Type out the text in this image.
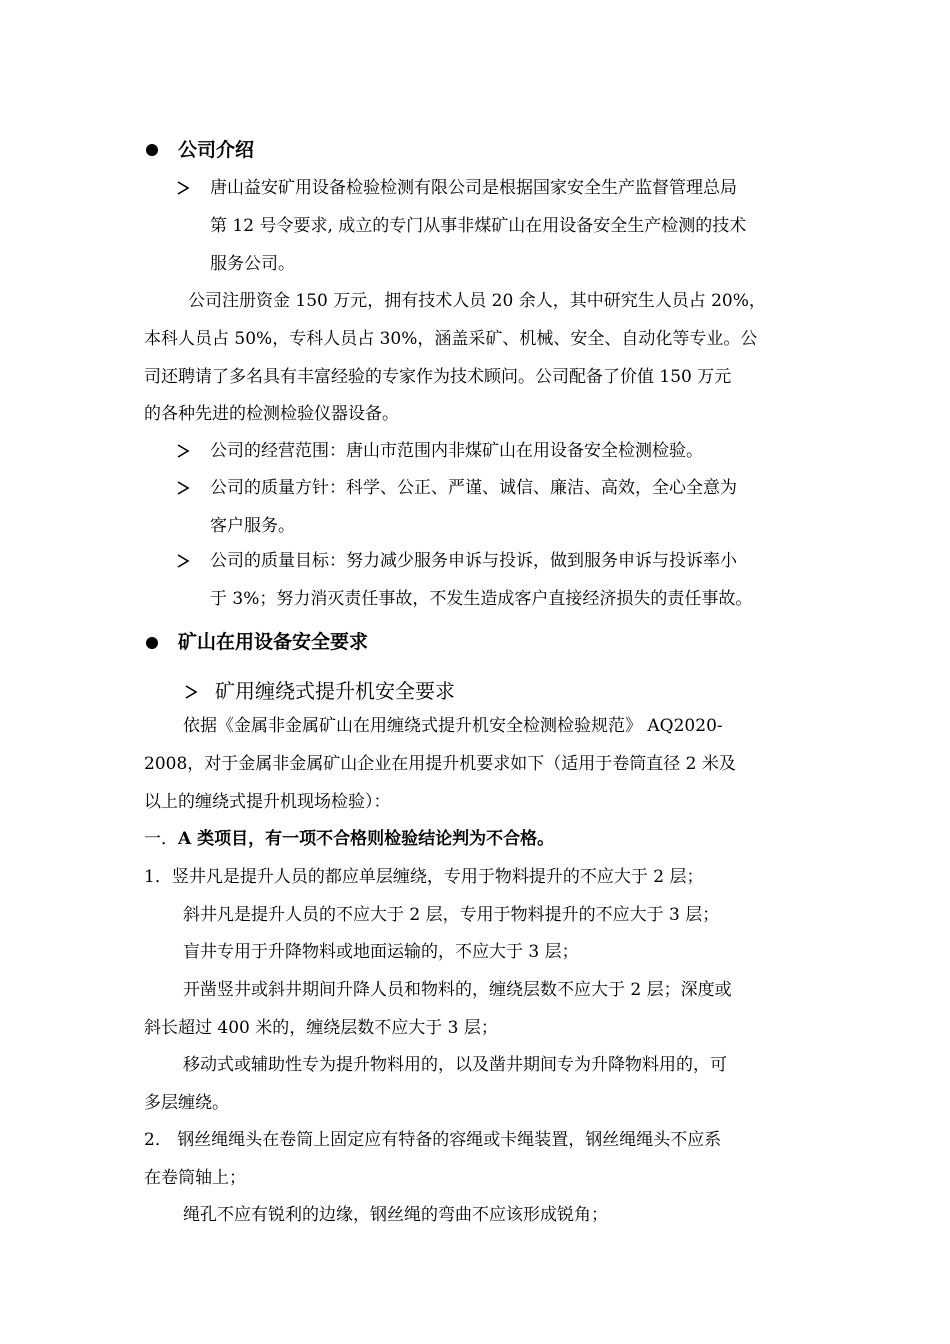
公司介绍
唐山益安矿用设备检验检测有限公司是根据国家安全生产监督管理总局
第 12 号令要求, 成立的专门从事非煤矿山在用设备安全生产检测的技术
服务公司。
公司注册资金 150 万元，拥有技术人员 20 余人，其中研究生人员占 20%，
本科人员占 50%，专科人员占 30%，涵盖采矿、机械、安全、自动化等专业。公
司还聘请了多名具有丰富经验的专家作为技术顾问。公司配备了价值 150 万元
的各种先进的检测检验仪器设备。
公司的经营范围：唐山市范围内非煤矿山在用设备安全检测检验。
公司的质量方针：科学、公正、严谨、诚信、廉洁、高效，全心全意为
客户服务。
公司的质量目标：努力减少服务申诉与投诉，做到服务申诉与投诉率小
于 3%；努力消灭责任事故，不发生造成客户直接经济损失的责任事故。
矿山在用设备安全要求
矿用缠绕式提升机安全要求
依据《金属非金属矿山在用缠绕式提升机安全检测检验规范》 AQ2020-
2008，对于金属非金属矿山企业在用提升机要求如下（适用于卷筒直径 2 米及
以上的缠绕式提升机现场检验）：
一．A 类项目，有一项不合格则检验结论判为不合格。
1．竖井凡是提升人员的都应单层缠绕，专用于物料提升的不应大于 2 层；
斜井凡是提升人员的不应大于 2 层，专用于物料提升的不应大于 3 层；
盲井专用于升降物料或地面运输的，不应大于 3 层；
开凿竖井或斜井期间升降人员和物料的，缠绕层数不应大于 2 层；深度或
斜长超过 400 米的，缠绕层数不应大于 3 层；
移动式或辅助性专为提升物料用的，以及凿井期间专为升降物料用的，可
多层缠绕。
2． 钢丝绳绳头在卷筒上固定应有特备的容绳或卡绳装置，钢丝绳绳头不应系
在卷筒轴上；
绳孔不应有锐利的边缘，钢丝绳的弯曲不应该形成锐角；
